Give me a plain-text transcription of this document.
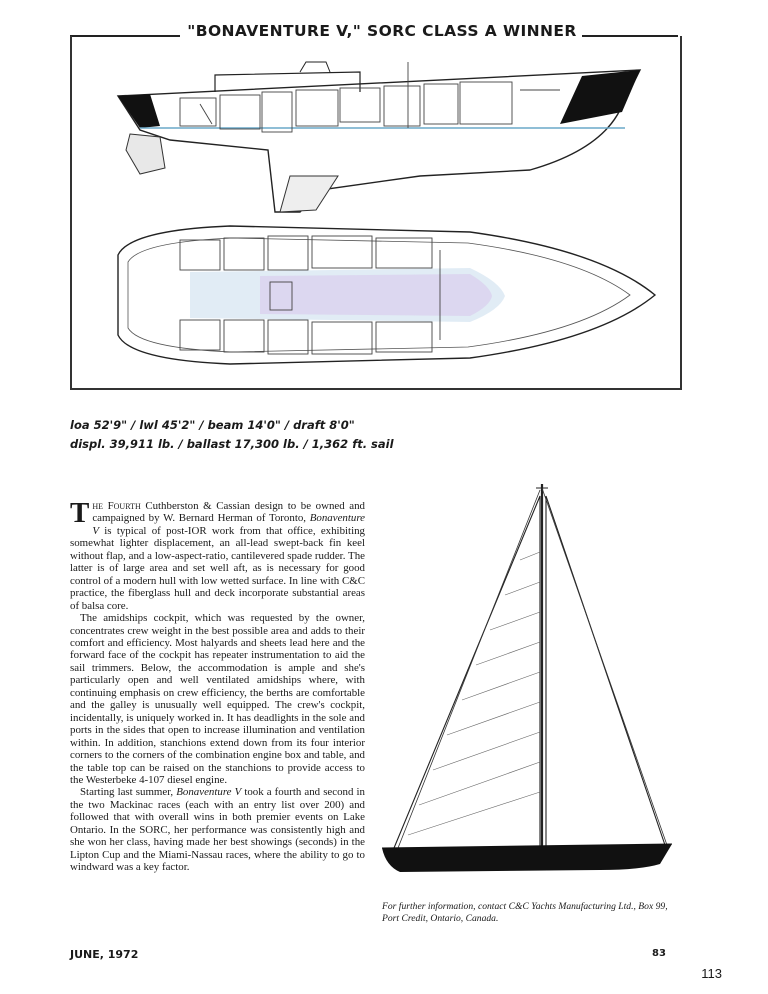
"BONAVENTURE V," SORC CLASS A WINNER
loa 52'9" / lwl 45'2" / beam 14'0" / draft 8'0"
displ. 39,911 lb. / ballast 17,300 lb. / 1,362 ft. sail

The Fourth Cuthberston & Cassian design to be owned and campaigned by W. Bernard Herman of Toronto, Bonaventure V is typical of post-IOR work from that office, exhibiting somewhat lighter displacement, an all-lead swept-back fin keel without flap, and a low-aspect-ratio, cantilevered spade rudder. The latter is of large area and set well aft, as is necessary for good control of a modern hull with low wetted surface. In line with C&C practice, the fiberglass hull and deck incorporate substantial areas of balsa core.

The amidships cockpit, which was requested by the owner, concentrates crew weight in the best possible area and adds to their comfort and efficiency. Most halyards and sheets lead here and the forward face of the cockpit has repeater instrumentation to aid the sail trimmers. Below, the accommodation is ample and she's particularly open and well ventilated amidships where, with continuing emphasis on crew efficiency, the berths are comfortable and the galley is unusually well equipped. The crew's cockpit, incidentally, is uniquely worked in. It has deadlights in the sole and ports in the sides that open to increase illumination and ventilation within. In addition, stanchions extend down from its four interior corners to the corners of the combination engine box and table, and the table top can be raised on the stanchions to provide access to the Westerbeke 4-107 diesel engine.

Starting last summer, Bonaventure V took a fourth and second in the two Mackinac races (each with an entry list over 200) and followed that with overall wins in both premier events on Lake Ontario. In the SORC, her performance was consistently high and she won her class, having made her best showings (seconds) in the Lipton Cup and the Miami-Nassau races, where the ability to go to windward was a key factor.

For further information, contact C&C Yachts Manufacturing Ltd., Box 99, Port Credit, Ontario, Canada.
JUNE, 1972	83
113
